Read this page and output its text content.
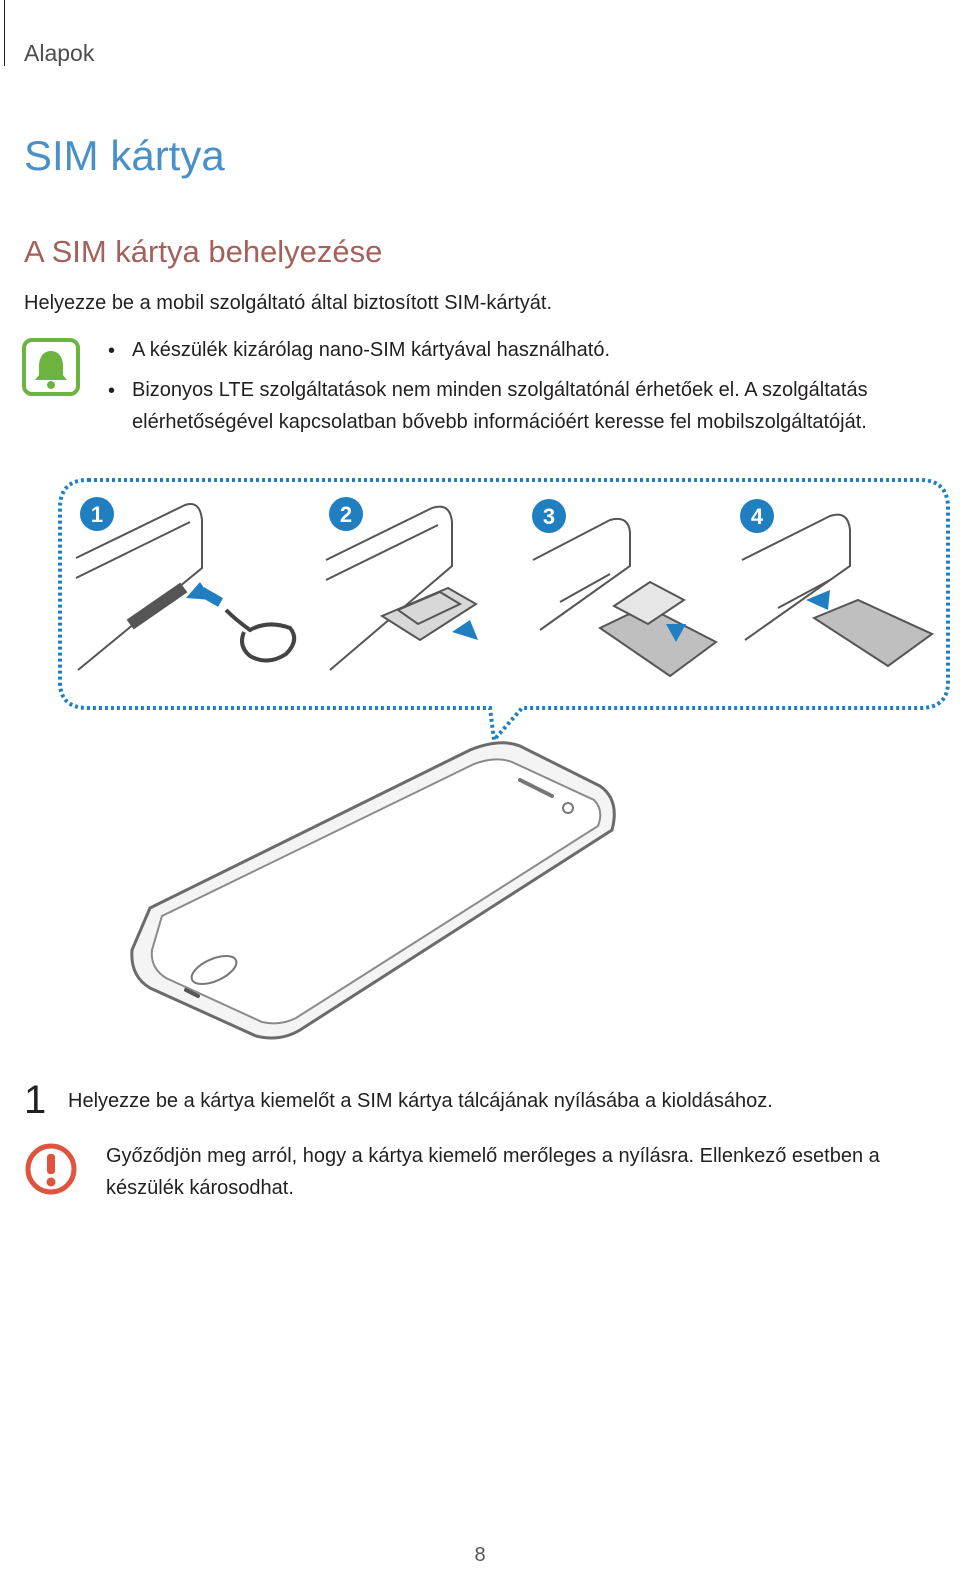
Alapok
SIM kártya
A SIM kártya behelyezése
Helyezze be a mobil szolgáltató által biztosított SIM-kártyát.
• A készülék kizárólag nano-SIM kártyával használható.
• Bizonyos LTE szolgáltatások nem minden szolgáltatónál érhetőek el. A szolgáltatás elérhetőségével kapcsolatban bővebb információért keresse fel mobilszolgáltatóját.
1	2	3	4
1 Helyezze be a kártya kiemelőt a SIM kártya tálcájának nyílásába a kioldásához.
Győződjön meg arról, hogy a kártya kiemelő merőleges a nyílásra. Ellenkező esetben a készülék károsodhat.
8
